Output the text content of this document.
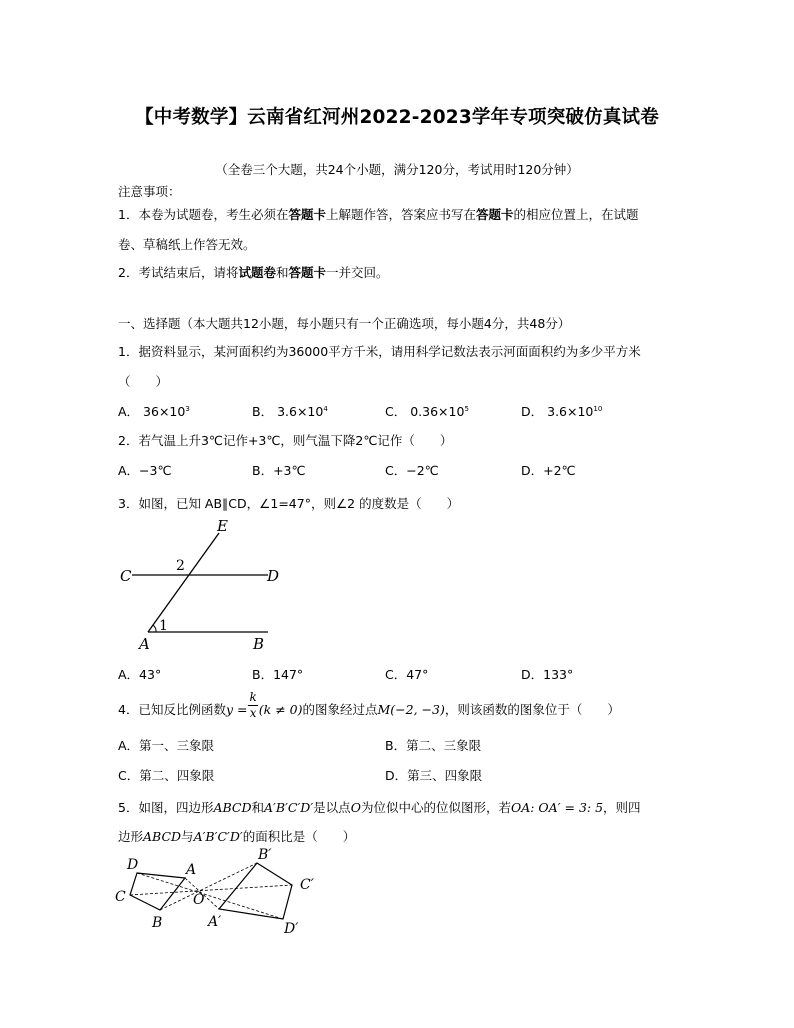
【中考数学】云南省红河州2022-2023学年专项突破仿真试卷
（全卷三个大题，共24个小题，满分120分，考试用时120分钟）
注意事项：
1．本卷为试题卷，考生必须在答题卡上解题作答，答案应书写在答题卡的相应位置上，在试题
卷、草稿纸上作答无效。
2．考试结束后，请将试题卷和答题卡一并交回。
一、选择题（本大题共12小题，每小题只有一个正确选项，每小题4分，共48分）
1．据资料显示，某河面积约为36000平方千米，请用科学记数法表示河面面积约为多少平方米
（　　）
A． $36\times 10^3$	B． $3.6\times 10^4$	C． $0.36\times 10^5$	D． $3.6\times 10^{10}$
2．若气温上升3℃记作+3℃，则气温下降2℃记作（　　）
A．−3℃	B．+3℃	C．−2℃	D．+2℃
3．如图，已知 AB∥CD，∠1=47°，则∠2 的度数是（　　）
E
C	D
A	B
1
2
A．43°	B．147°	C．47°	D．133°
4．已知反比例函数$y = \frac{k}{x} (k \ne 0)$的图象经过点M(−2, −3)，则该函数的图象位于（　　）
A．第一、三象限	B．第二、三象限
C．第二、四象限	D．第三、四象限
5．如图，四边形ABCD和A′B′C′D′是以点O为位似中心的位似图形，若OA: OA′ = 3: 5，则四
边形ABCD与A′B′C′D′的面积比是（　　）
D	A
C
B
O
B′
C′
A′	D′
